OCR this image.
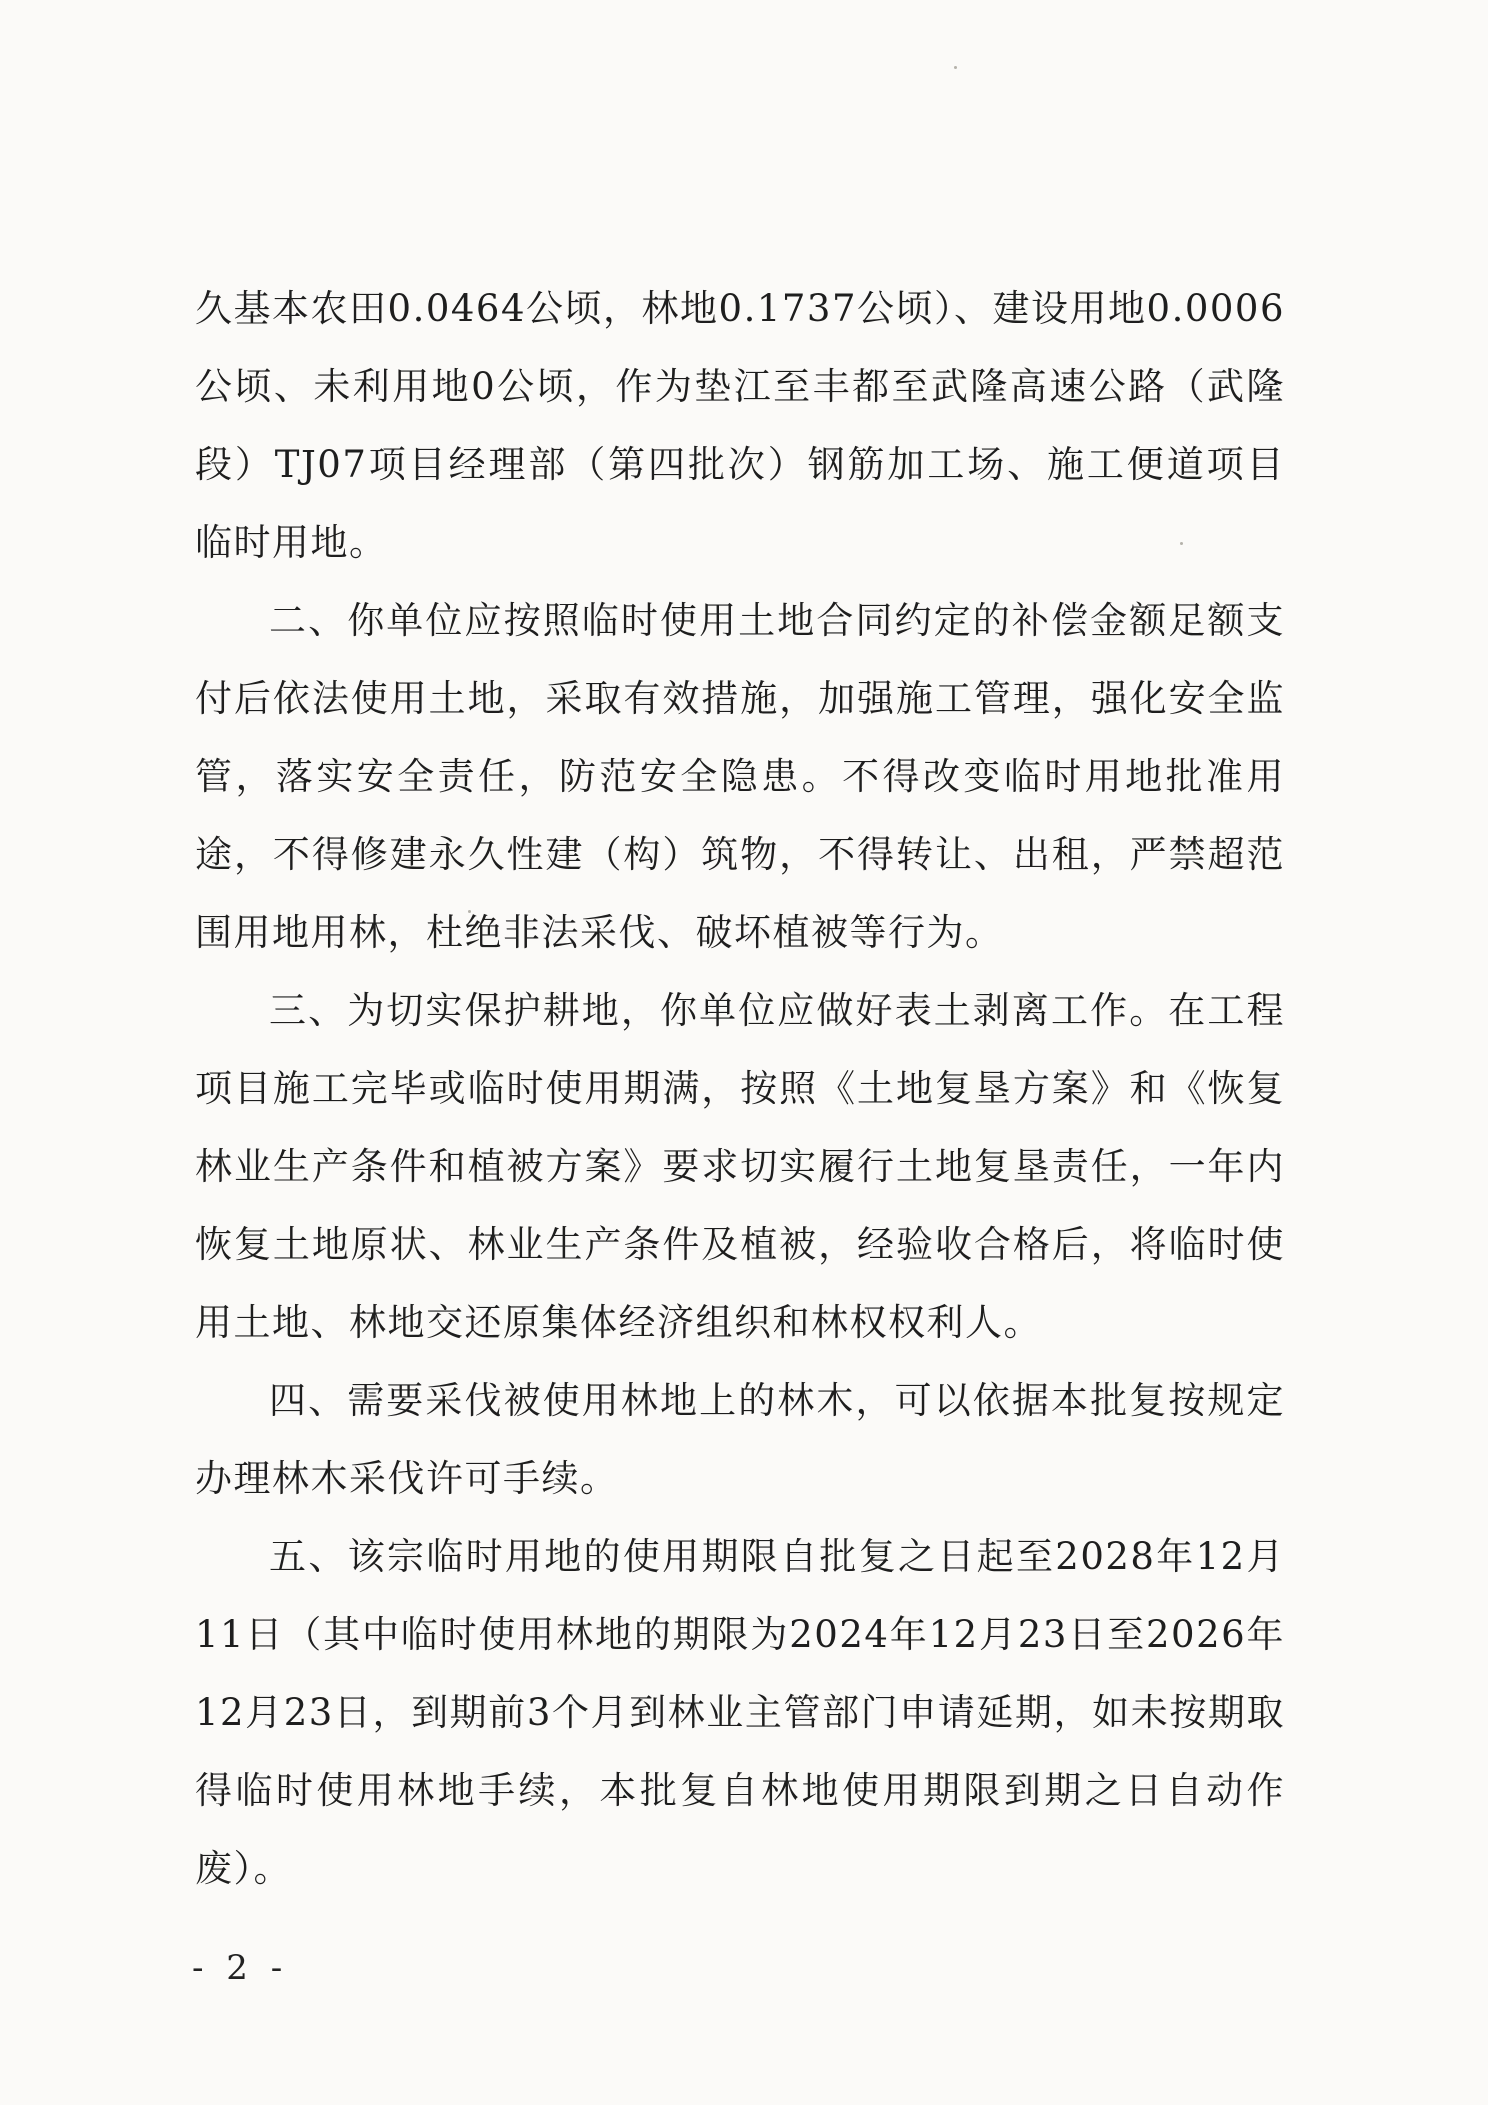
久基本农田0.0464公顷，林地0.1737公顷）、建设用地0.0006公顷、未利用地0公顷，作为垫江至丰都至武隆高速公路（武隆段）TJ07项目经理部（第四批次）钢筋加工场、施工便道项目临时用地。

二、你单位应按照临时使用土地合同约定的补偿金额足额支付后依法使用土地，采取有效措施，加强施工管理，强化安全监管，落实安全责任，防范安全隐患。不得改变临时用地批准用途，不得修建永久性建（构）筑物，不得转让、出租，严禁超范围用地用林，杜绝非法采伐、破坏植被等行为。

三、为切实保护耕地，你单位应做好表土剥离工作。在工程项目施工完毕或临时使用期满，按照《土地复垦方案》和《恢复林业生产条件和植被方案》要求切实履行土地复垦责任，一年内恢复土地原状、林业生产条件及植被，经验收合格后，将临时使用土地、林地交还原集体经济组织和林权权利人。

四、需要采伐被使用林地上的林木，可以依据本批复按规定办理林木采伐许可手续。

五、该宗临时用地的使用期限自批复之日起至2028年12月11日（其中临时使用林地的期限为2024年12月23日至2026年12月23日，到期前3个月到林业主管部门申请延期，如未按期取得临时使用林地手续，本批复自林地使用期限到期之日自动作废）。

- 2 -
